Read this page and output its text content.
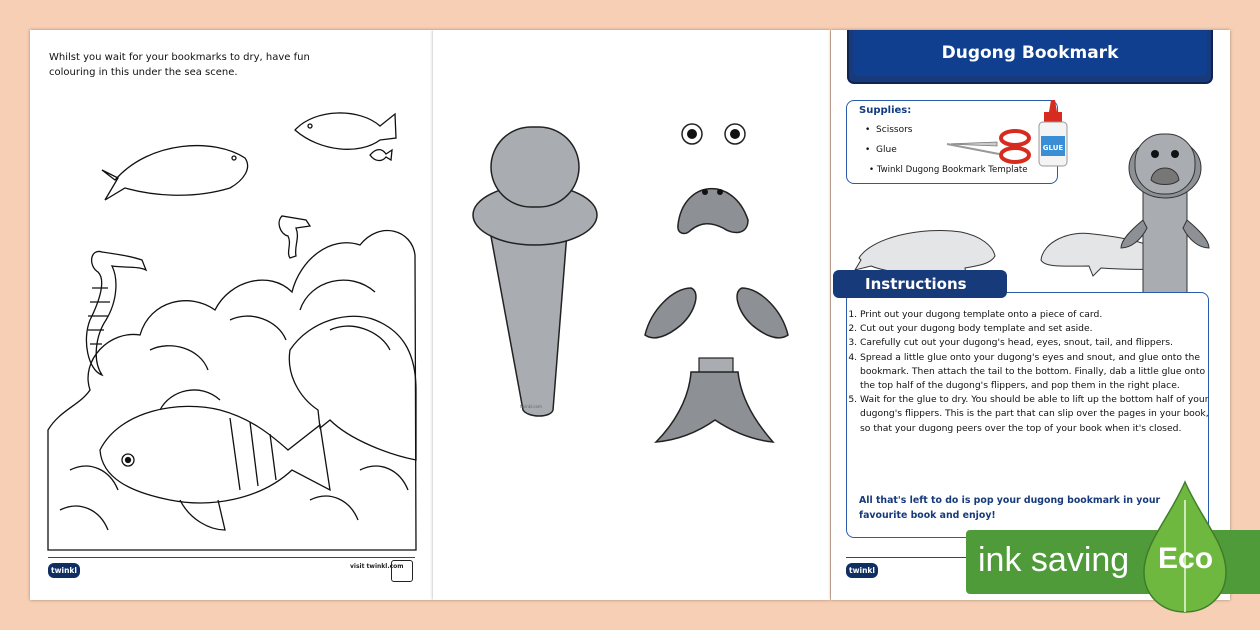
Whilst you wait for your bookmarks to dry, have fun colouring in this under the sea scene.
twinkl	visit twinkl.com
twinkl.com
Dugong Bookmark
Supplies:
•  Scissors
•  Glue
• Twinkl Dugong Bookmark Template
GLUE
Instructions
1. Print out your dugong template onto a piece of card.
2. Cut out your dugong body template and set aside.
3. Carefully cut out your dugong's head, eyes, snout, tail, and flippers.
4. Spread a little glue onto your dugong's eyes and snout, and glue onto the bookmark. Then attach the tail to the bottom. Finally, dab a little glue onto the top half of the dugong's flippers, and pop them in the right place.
5. Wait for the glue to dry. You should be able to lift up the bottom half of your dugong's flippers. This is the part that can slip over the pages in your book, so that your dugong peers over the top of your book when it's closed.
All that's left to do is pop your dugong bookmark in your favourite book and enjoy!
twinkl	ink saving Eco
